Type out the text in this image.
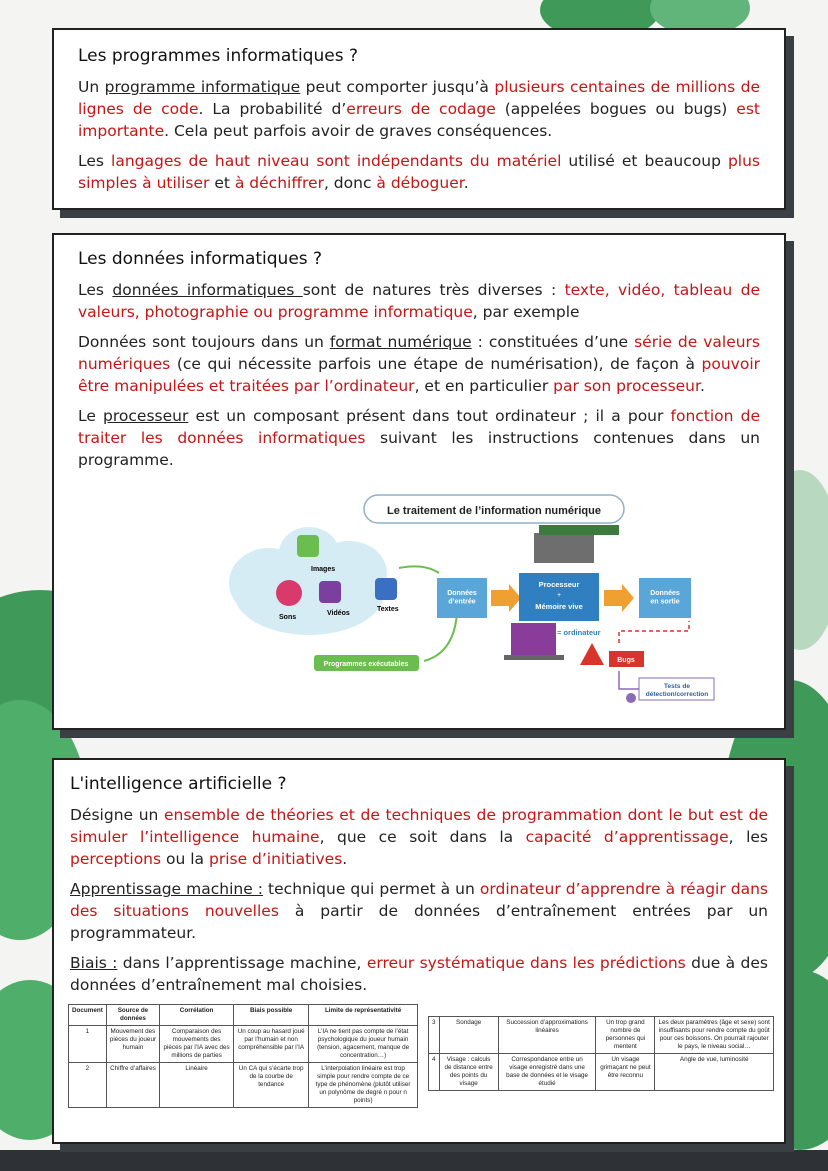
Les programmes informatiques ?

Un programme informatique peut comporter jusqu’à plusieurs centaines de millions de lignes de code. La probabilité d’erreurs de codage (appelées bogues ou bugs) est importante. Cela peut parfois avoir de graves conséquences.

Les langages de haut niveau sont indépendants du matériel utilisé et beaucoup plus simples à utiliser et à déchiffrer, donc à déboguer.

Les données informatiques ?

Les données informatiques sont de natures très diverses : texte, vidéo, tableau de valeurs, photographie ou programme informatique, par exemple

Données sont toujours dans un format numérique : constituées d’une série de valeurs numériques (ce qui nécessite parfois une étape de numérisation), de façon à pouvoir être manipulées et traitées par l’ordinateur, et en particulier par son processeur.

Le processeur est un composant présent dans tout ordinateur ; il a pour fonction de traiter les données informatiques suivant les instructions contenues dans un programme.

Le traitement de l’information numérique
Images
Sons
Vidéos
Textes
Programmes exécutables
Données d’entrée
Processeur
+
Mémoire vive
Données en sortie
= ordinateur
Bugs
Tests de détection/correction
L'intelligence artificielle ?

Désigne un ensemble de théories et de techniques de programmation dont le but est de simuler l’intelligence humaine, que ce soit dans la capacité d’apprentissage, les perceptions ou la prise d’initiatives.

Apprentissage machine : technique qui permet à un ordinateur d’apprendre à réagir dans des situations nouvelles à partir de données d’entraînement entrées par un programmateur.

Biais : dans l’apprentissage machine, erreur systématique dans les prédictions due à des données d’entraînement mal choisies.

Document	Source de données	Corrélation	Biais possible	Limite de représentativité
1	Mouvement des pièces du joueur humain	Comparaison des mouvements des pièces par l’IA avec des millions de parties	Un coup au hasard joué par l’humain et non compréhensible par l’IA	L’IA ne tient pas compte de l’état psychologique du joueur humain (tension, agacement, manque de concentration…)
2	Chiffre d’affaires	Linéaire	Un CA qui s’écarte trop de la courbe de tendance	L’interpolation linéaire est trop simple pour rendre compte de ce type de phénomène (plutôt utiliser un polynôme de degré n pour n points)
3	Sondage	Succession d’approximations linéaires	Un trop grand nombre de personnes qui mentent	Les deux paramètres (âge et sexe) sont insuffisants pour rendre compte du goût pour ces boissons. On pourrait rajouter le pays, le niveau social…
4	Visage : calculs de distance entre des points du visage	Correspondance entre un visage enregistré dans une base de données et le visage étudié	Un visage grimaçant ne peut être reconnu	Angle de vue, luminosité
